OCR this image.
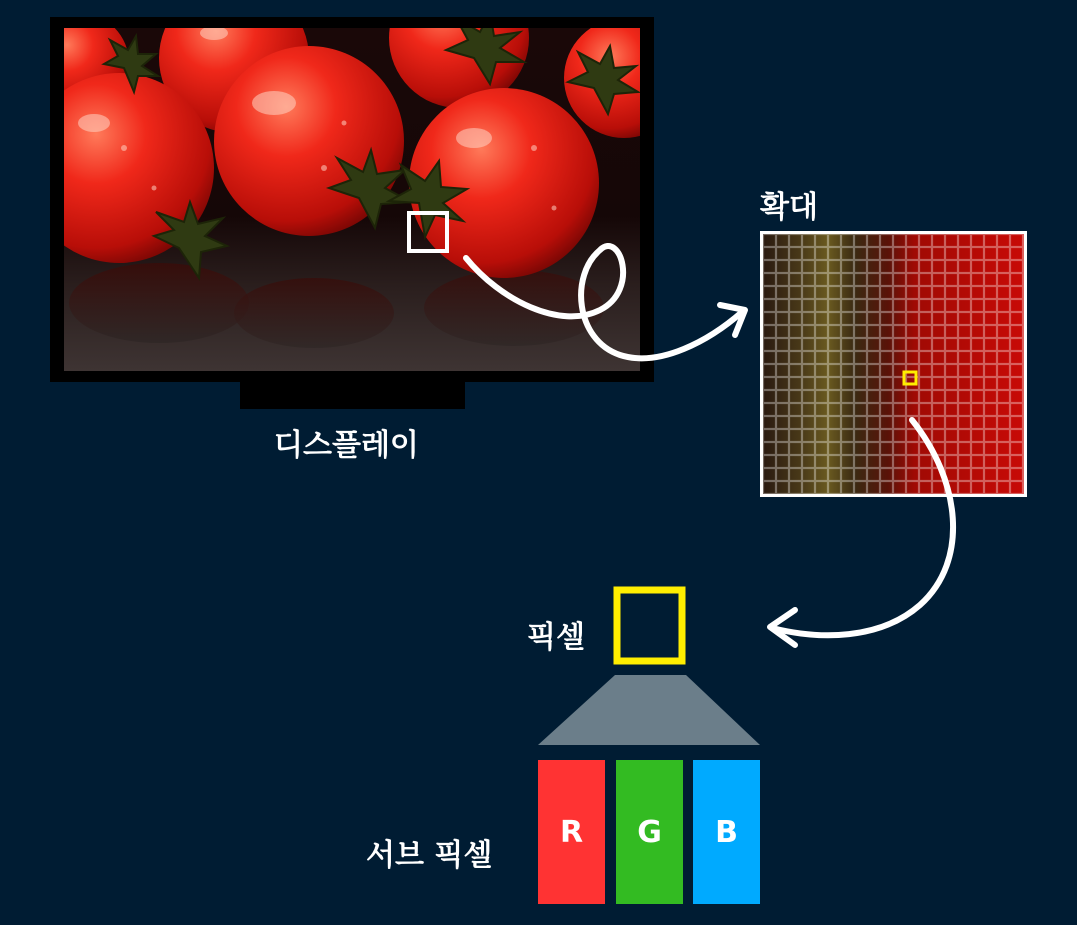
디스플레이
확대
픽셀
서브 픽셀
R G B
